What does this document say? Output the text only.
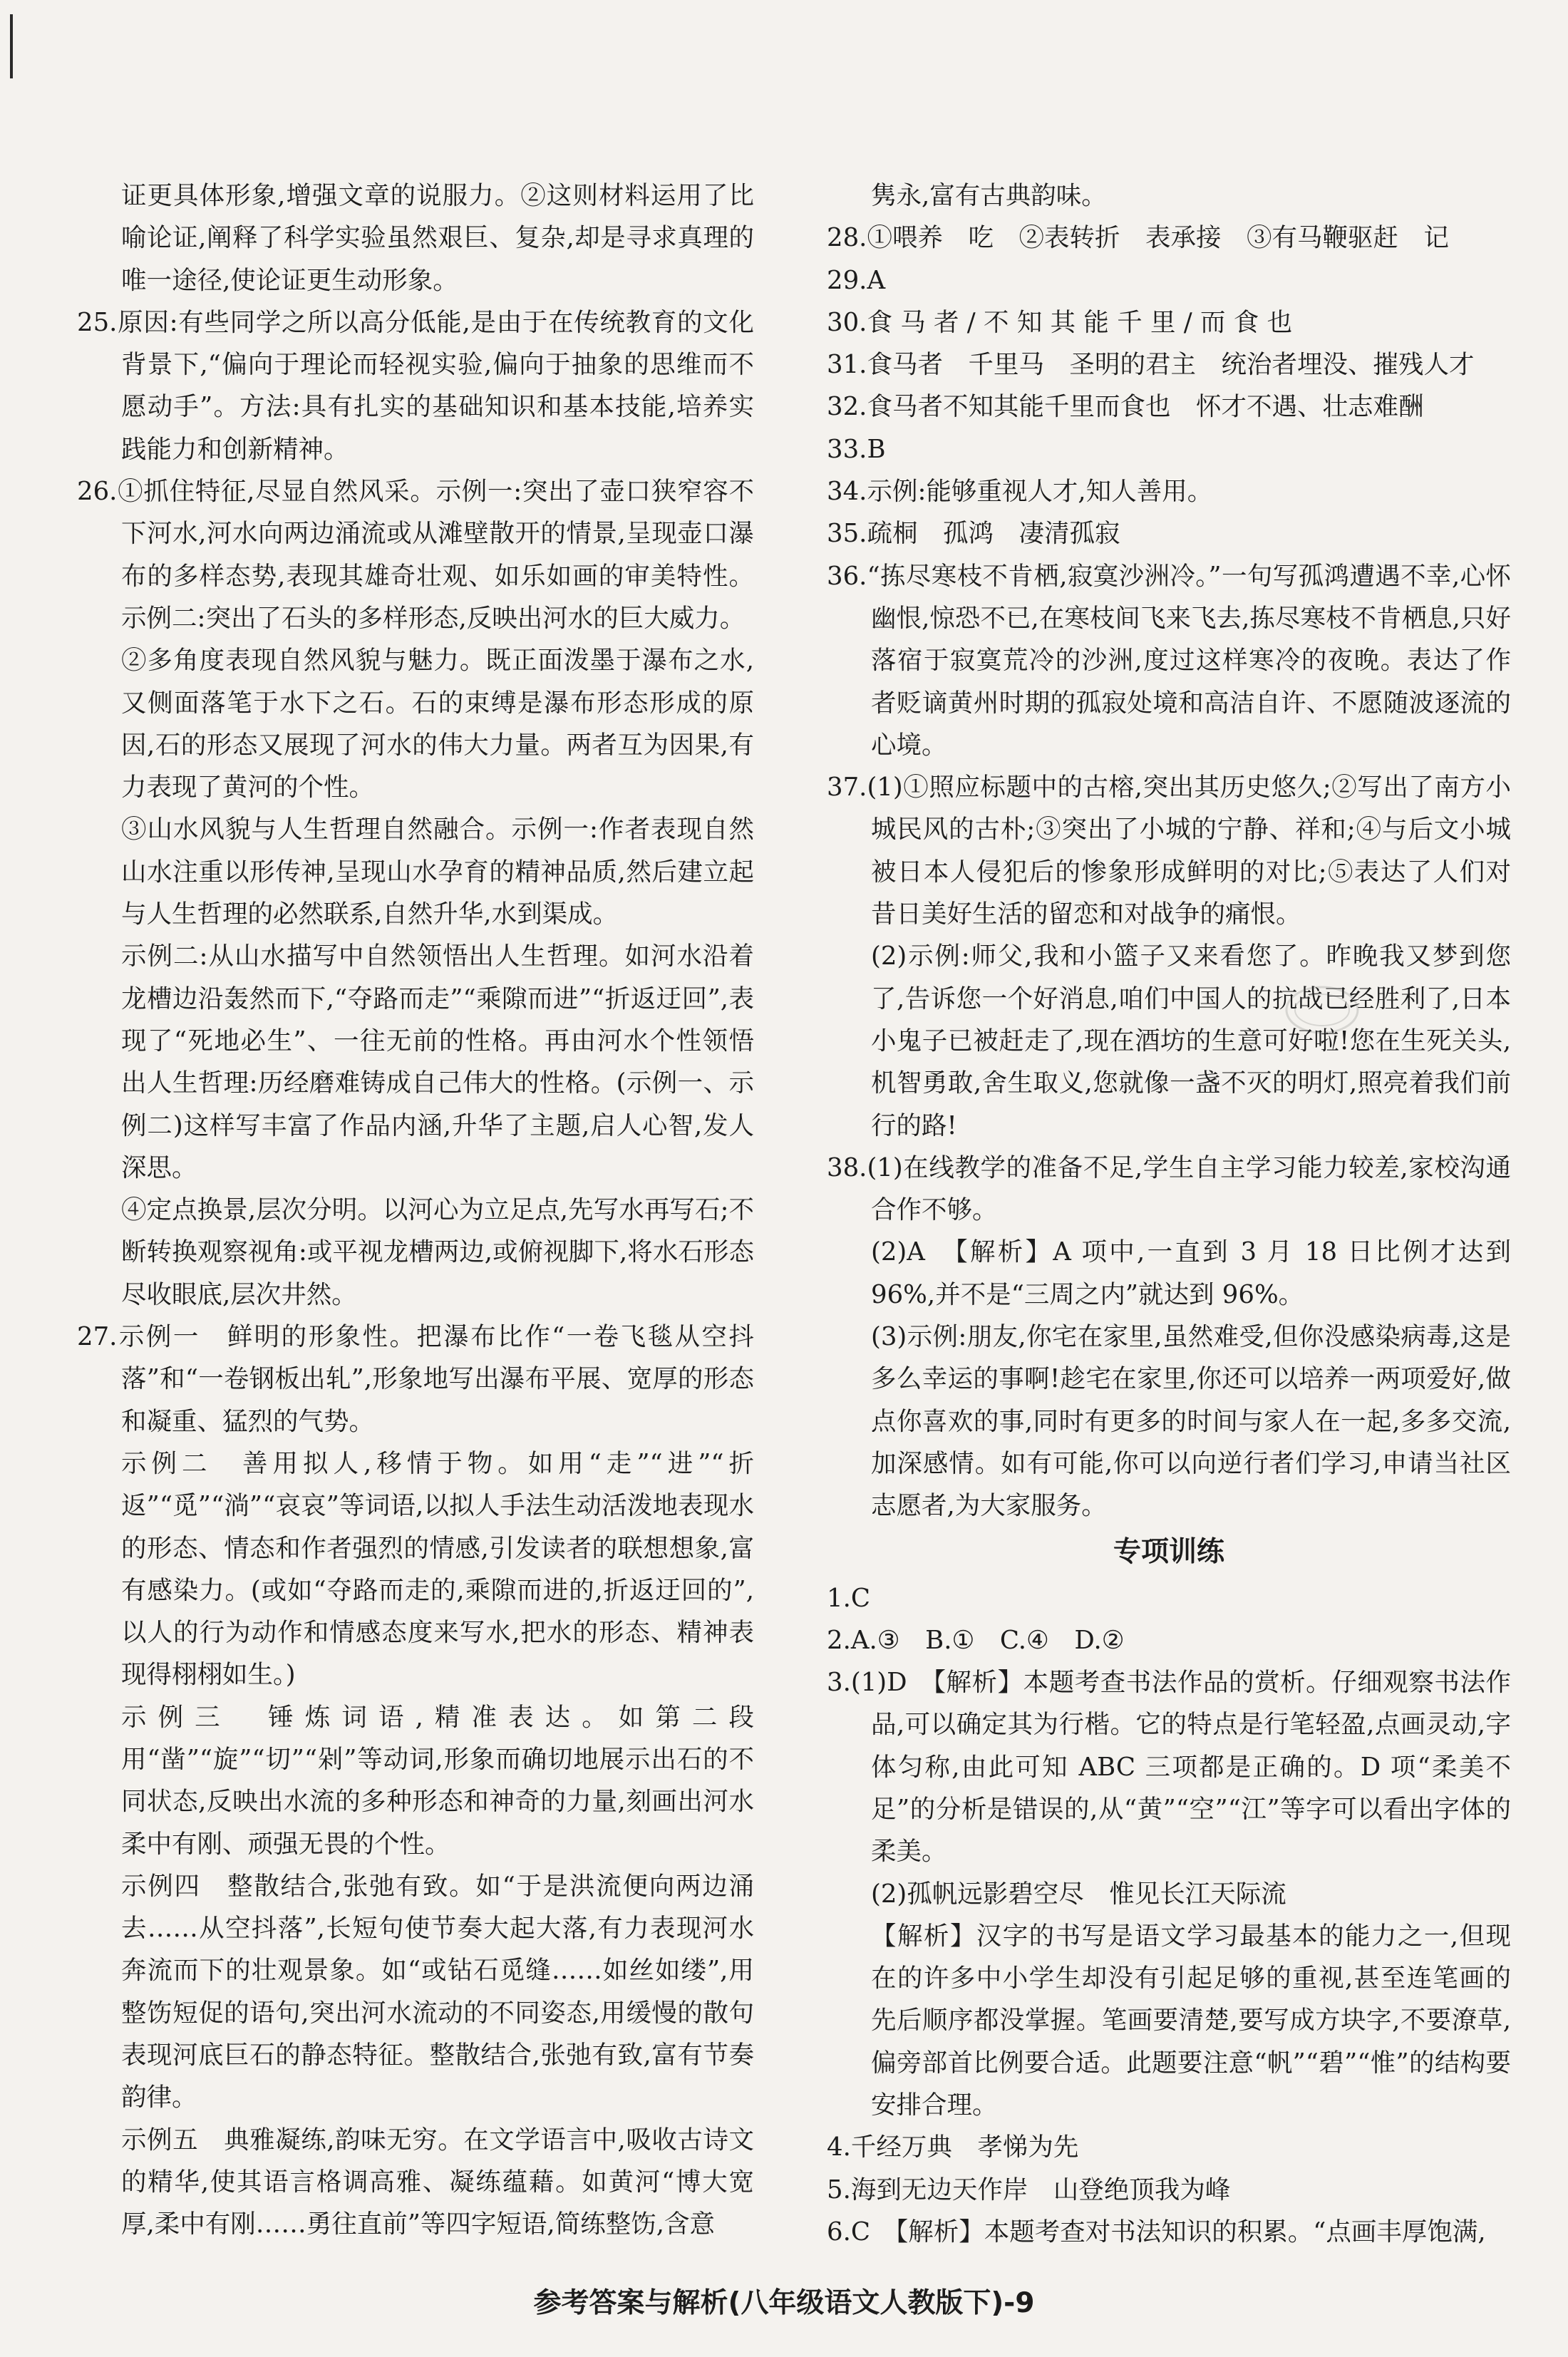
证更具体形象,增强文章的说服力。②这则材料运用了比喻论证,阐释了科学实验虽然艰巨、复杂,却是寻求真理的唯一途径,使论证更生动形象。

25.原因:有些同学之所以高分低能,是由于在传统教育的文化背景下,“偏向于理论而轻视实验,偏向于抽象的思维而不愿动手”。方法:具有扎实的基础知识和基本技能,培养实践能力和创新精神。

26.①抓住特征,尽显自然风采。示例一:突出了壶口狭窄容不下河水,河水向两边涌流或从滩壁散开的情景,呈现壶口瀑布的多样态势,表现其雄奇壮观、如乐如画的审美特性。示例二:突出了石头的多样形态,反映出河水的巨大威力。

②多角度表现自然风貌与魅力。既正面泼墨于瀑布之水,又侧面落笔于水下之石。石的束缚是瀑布形态形成的原因,石的形态又展现了河水的伟大力量。两者互为因果,有力表现了黄河的个性。

③山水风貌与人生哲理自然融合。示例一:作者表现自然山水注重以形传神,呈现山水孕育的精神品质,然后建立起与人生哲理的必然联系,自然升华,水到渠成。

示例二:从山水描写中自然领悟出人生哲理。如河水沿着龙槽边沿轰然而下,“夺路而走”“乘隙而进”“折返迂回”,表现了“死地必生”、一往无前的性格。再由河水个性领悟出人生哲理:历经磨难铸成自己伟大的性格。(示例一、示例二)这样写丰富了作品内涵,升华了主题,启人心智,发人深思。

④定点换景,层次分明。以河心为立足点,先写水再写石;不断转换观察视角:或平视龙槽两边,或俯视脚下,将水石形态尽收眼底,层次井然。

27.示例一　鲜明的形象性。把瀑布比作“一卷飞毯从空抖落”和“一卷钢板出轧”,形象地写出瀑布平展、宽厚的形态和凝重、猛烈的气势。

示例二　善用拟人,移情于物。如用“走”“进”“折返”“觅”“淌”“哀哀”等词语,以拟人手法生动活泼地表现水的形态、情态和作者强烈的情感,引发读者的联想想象,富有感染力。(或如“夺路而走的,乘隙而进的,折返迂回的”,以人的行为动作和情感态度来写水,把水的形态、精神表现得栩栩如生。)

示例三　锤炼词语,精准表达。如第二段用“凿”“旋”“切”“剁”等动词,形象而确切地展示出石的不同状态,反映出水流的多种形态和神奇的力量,刻画出河水柔中有刚、顽强无畏的个性。

示例四　整散结合,张弛有致。如“于是洪流便向两边涌去……从空抖落”,长短句使节奏大起大落,有力表现河水奔流而下的壮观景象。如“或钻石觅缝……如丝如缕”,用整饬短促的语句,突出河水流动的不同姿态,用缓慢的散句表现河底巨石的静态特征。整散结合,张弛有致,富有节奏韵律。

示例五　典雅凝练,韵味无穷。在文学语言中,吸收古诗文的精华,使其语言格调高雅、凝练蕴藉。如黄河“博大宽厚,柔中有刚……勇往直前”等四字短语,简练整饬,含意

隽永,富有古典韵味。

28.①喂养　吃　②表转折　表承接　③有马鞭驱赶　记

29.A

30.食 马 者 / 不 知 其 能 千 里 / 而 食 也

31.食马者　千里马　圣明的君主　统治者埋没、摧残人才

32.食马者不知其能千里而食也　怀才不遇、壮志难酬

33.B

34.示例:能够重视人才,知人善用。

35.疏桐　孤鸿　凄清孤寂

36.“拣尽寒枝不肯栖,寂寞沙洲冷。”一句写孤鸿遭遇不幸,心怀幽恨,惊恐不已,在寒枝间飞来飞去,拣尽寒枝不肯栖息,只好落宿于寂寞荒冷的沙洲,度过这样寒冷的夜晚。表达了作者贬谪黄州时期的孤寂处境和高洁自许、不愿随波逐流的心境。

37.(1)①照应标题中的古榕,突出其历史悠久;②写出了南方小城民风的古朴;③突出了小城的宁静、祥和;④与后文小城被日本人侵犯后的惨象形成鲜明的对比;⑤表达了人们对昔日美好生活的留恋和对战争的痛恨。

(2)示例:师父,我和小篮子又来看您了。昨晚我又梦到您了,告诉您一个好消息,咱们中国人的抗战已经胜利了,日本小鬼子已被赶走了,现在酒坊的生意可好啦!您在生死关头,机智勇敢,舍生取义,您就像一盏不灭的明灯,照亮着我们前行的路!

38.(1)在线教学的准备不足,学生自主学习能力较差,家校沟通合作不够。

(2)A　【解析】A 项中,一直到 3 月 18 日比例才达到 96%,并不是“三周之内”就达到 96%。

(3)示例:朋友,你宅在家里,虽然难受,但你没感染病毒,这是多么幸运的事啊!趁宅在家里,你还可以培养一两项爱好,做点你喜欢的事,同时有更多的时间与家人在一起,多多交流,加深感情。如有可能,你可以向逆行者们学习,申请当社区志愿者,为大家服务。

专项训练

1.C

2.A.③　B.①　C.④　D.②

3.(1)D　【解析】本题考查书法作品的赏析。仔细观察书法作品,可以确定其为行楷。它的特点是行笔轻盈,点画灵动,字体匀称,由此可知 ABC 三项都是正确的。D 项“柔美不足”的分析是错误的,从“黄”“空”“江”等字可以看出字体的柔美。

(2)孤帆远影碧空尽　惟见长江天际流

【解析】汉字的书写是语文学习最基本的能力之一,但现在的许多中小学生却没有引起足够的重视,甚至连笔画的先后顺序都没掌握。笔画要清楚,要写成方块字,不要潦草,偏旁部首比例要合适。此题要注意“帆”“碧”“惟”的结构要安排合理。

4.千经万典　孝悌为先

5.海到无边天作岸　山登绝顶我为峰

6.C　【解析】本题考查对书法知识的积累。“点画丰厚饱满,

参考答案与解析(八年级语文人教版下)-9
